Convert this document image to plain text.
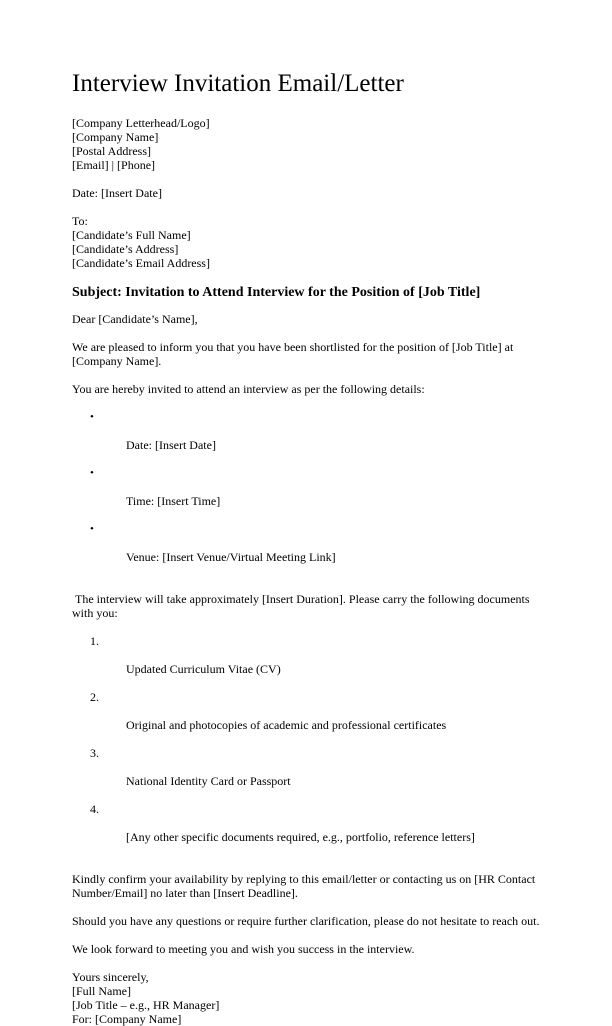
Interview Invitation Email/Letter
[Company Letterhead/Logo]
[Company Name]
[Postal Address]
[Email] | [Phone]

Date: [Insert Date]

To:
[Candidate’s Full Name]
[Candidate’s Address]
[Candidate’s Email Address]

Subject: Invitation to Attend Interview for the Position of [Job Title]

Dear [Candidate’s Name],

We are pleased to inform you that you have been shortlisted for the position of [Job Title] at [Company Name].

You are hereby invited to attend an interview as per the following details:

•

Date: [Insert Date]

•

Time: [Insert Time]

•

Venue: [Insert Venue/Virtual Meeting Link]

The interview will take approximately [Insert Duration]. Please carry the following documents with you:

1.

Updated Curriculum Vitae (CV)

2.

Original and photocopies of academic and professional certificates

3.

National Identity Card or Passport

4.

[Any other specific documents required, e.g., portfolio, reference letters]

Kindly confirm your availability by replying to this email/letter or contacting us on [HR Contact Number/Email] no later than [Insert Deadline].

Should you have any questions or require further clarification, please do not hesitate to reach out.

We look forward to meeting you and wish you success in the interview.

Yours sincerely,
[Full Name]
[Job Title – e.g., HR Manager]
For: [Company Name]
